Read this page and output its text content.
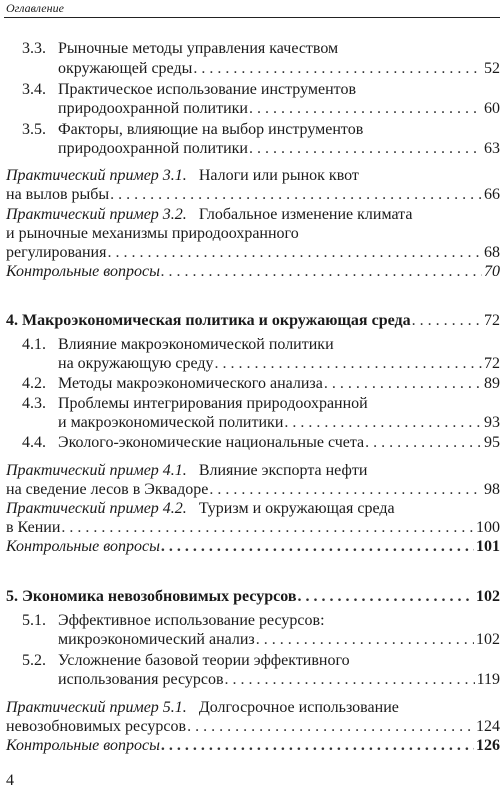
Оглавление
3.3. Рыночные методы управления качеством
окружающей среды .....	52
3.4. Практическое использование инструментов
природоохранной политики .....	60
3.5. Факторы, влияющие на выбор инструментов
природоохранной политики .....	63
Практический пример 3.1. Налоги или рынок квот
на вылов рыбы .....	66
Практический пример 3.2. Глобальное изменение климата
и рыночные механизмы природоохранного
регулирования .....	68
Контрольные вопросы .....	70
4. Макроэкономическая политика и окружающая среда .....	72
4.1. Влияние макроэкономической политики
на окружающую среду .....	72
4.2. Методы макроэкономического анализа .....	89
4.3. Проблемы интегрирования природоохранной
и макроэкономической политики .....	93
4.4. Эколого-экономические национальные счета .....	95
Практический пример 4.1. Влияние экспорта нефти
на сведение лесов в Эквадоре .....	98
Практический пример 4.2. Туризм и окружающая среда
в Кении .....	100
Контрольные вопросы .....	101
5. Экономика невозобновимых ресурсов .....	102
5.1. Эффективное использование ресурсов:
микроэкономический анализ .....	102
5.2. Усложнение базовой теории эффективного
использования ресурсов .....	119
Практический пример 5.1. Долгосрочное использование
невозобновимых ресурсов .....	124
Контрольные вопросы .....	126
4
